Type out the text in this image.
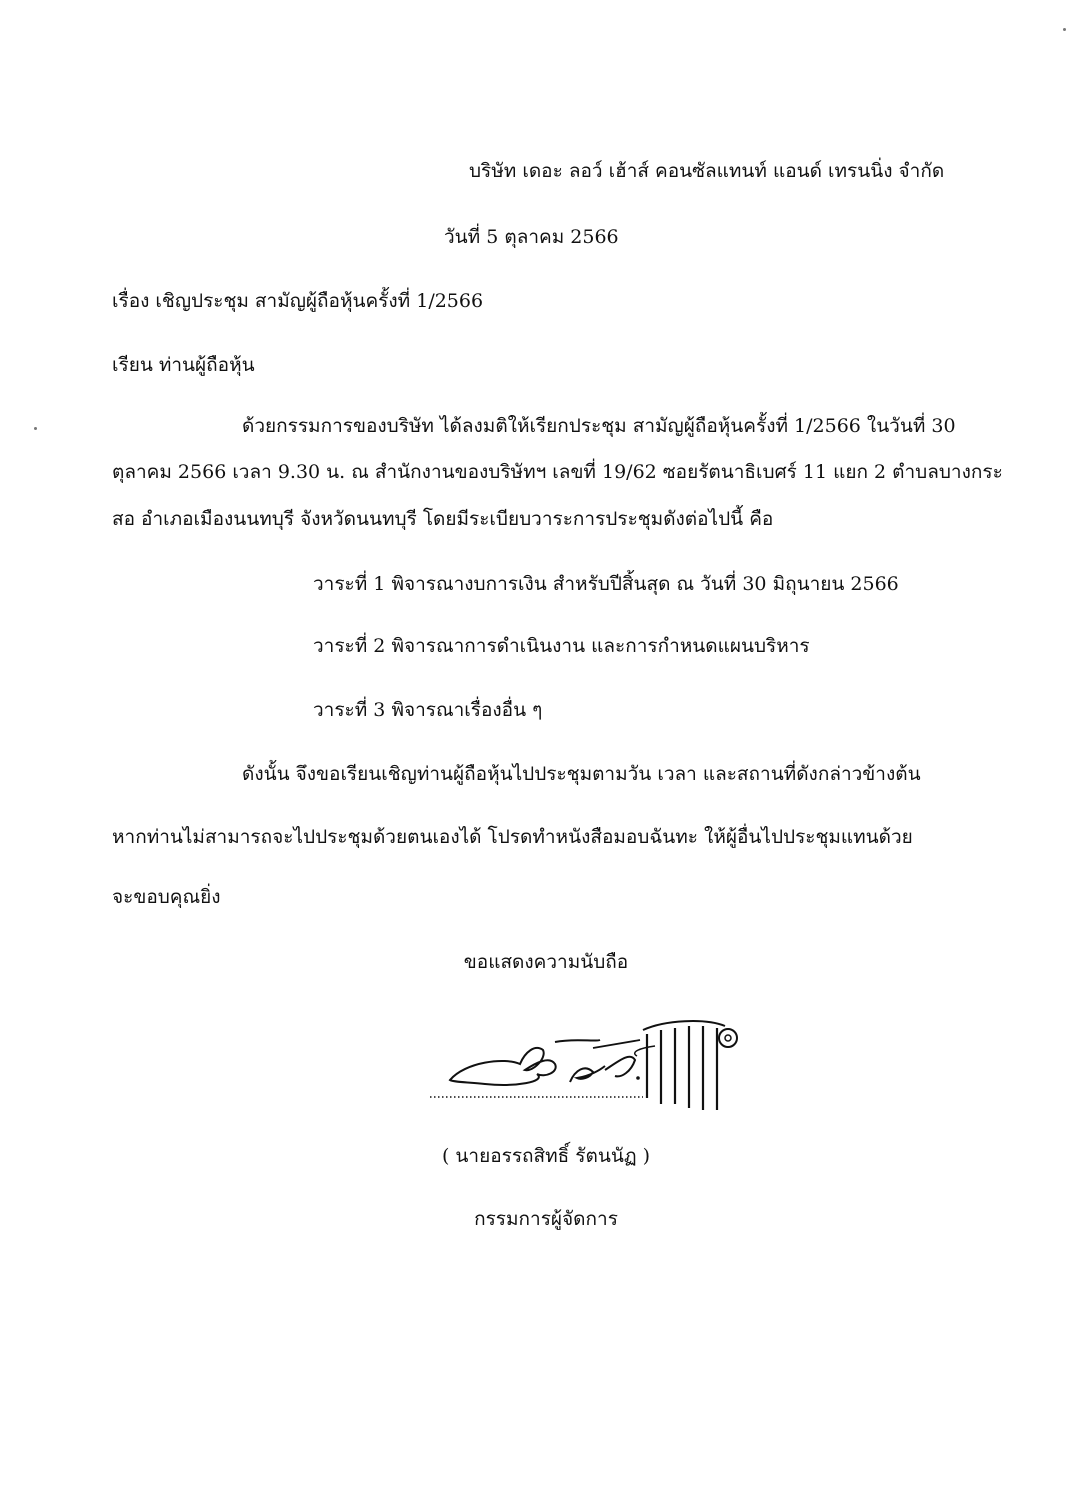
บริษัท เดอะ ลอว์ เฮ้าส์ คอนซัลแทนท์ แอนด์ เทรนนิ่ง จำกัด
วันที่ 5 ตุลาคม 2566
เรื่อง เชิญประชุม สามัญผู้ถือหุ้นครั้งที่ 1/2566
เรียน ท่านผู้ถือหุ้น
ด้วยกรรมการของบริษัท ได้ลงมติให้เรียกประชุม สามัญผู้ถือหุ้นครั้งที่ 1/2566 ในวันที่ 30
ตุลาคม 2566 เวลา 9.30 น. ณ สำนักงานของบริษัทฯ เลขที่ 19/62 ซอยรัตนาธิเบศร์ 11 แยก 2 ตำบลบางกระ
สอ อำเภอเมืองนนทบุรี จังหวัดนนทบุรี โดยมีระเบียบวาระการประชุมดังต่อไปนี้ คือ
วาระที่ 1 พิจารณางบการเงิน สำหรับปีสิ้นสุด ณ วันที่ 30 มิถุนายน 2566
วาระที่ 2 พิจารณาการดำเนินงาน และการกำหนดแผนบริหาร
วาระที่ 3 พิจารณาเรื่องอื่น ๆ
ดังนั้น จึงขอเรียนเชิญท่านผู้ถือหุ้นไปประชุมตามวัน เวลา และสถานที่ดังกล่าวข้างต้น
หากท่านไม่สามารถจะไปประชุมด้วยตนเองได้ โปรดทำหนังสือมอบฉันทะ ให้ผู้อื่นไปประชุมแทนด้วย
จะขอบคุณยิ่ง
ขอแสดงความนับถือ
( นายอรรถสิทธิ์ รัตนนัฏ )
กรรมการผู้จัดการ
